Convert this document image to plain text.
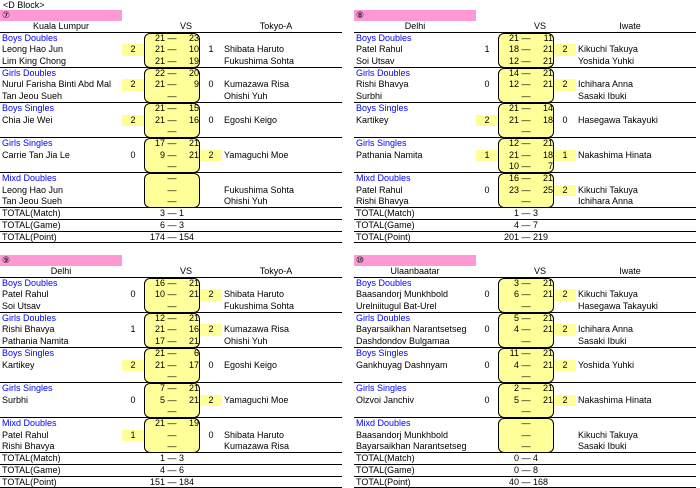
<D Block>
⑦
Kuala Lumpur	VS	Tokyo-A
Boys Doubles	21 —	23
Leong Hao Jun	2	21 —	10	1	Shibata Haruto
Lim King Chong	21 —	19	Fukushima Sohta
Girls Doubles	22 —	20
Nurul Farisha Binti Abd Mal	2	21 —	9	0	Kumazawa Risa
Tan Jeou Sueh	—	Ohishi Yuh
Boys Singles	21 —	15
Chia Jie Wei	2	21 —	16	0	Egoshi Keigo
—
Girls Singles	17 —	21
Carrie Tan Jia Le	0	9 —	21	2	Yamaguchi Moe
—
Mixd Doubles	—
Leong Hao Jun	—	Fukushima Sohta
Tan Jeou Sueh	—	Ohishi Yuh
TOTAL(Match)	3 — 1
TOTAL(Game)	6 — 3
TOTAL(Point)	174 — 154
⑧
Delhi	VS	Iwate
Boys Doubles	21 —	11
Patel Rahul	1	18 —	21	2	Kikuchi Takuya
Soi Utsav	12 —	21	Yoshida Yuhki
Girls Doubles	14 —	21
Rishi Bhavya	0	12 —	21	2	Ichihara Anna
Surbhi	—	Sasaki Ibuki
Boys Singles	21 —	14
Kartikey	2	21 —	18	0	Hasegawa Takayuki
—
Girls Singles	12 —	21
Pathania Namita	1	21 —	18	1	Nakashima Hinata
10 —	7
Mixd Doubles	16 —	21
Patel Rahul	0	23 —	25	2	Kikuchi Takuya
Rishi Bhavya	—	Ichihara Anna
TOTAL(Match)	1 — 3
TOTAL(Game)	4 — 7
TOTAL(Point)	201 — 219
⑨
Delhi	VS	Tokyo-A
Boys Doubles	16 —	21
Patel Rahul	0	10 —	21	2	Shibata Haruto
Soi Utsav	—	Fukushima Sohta
Girls Doubles	12 —	21
Rishi Bhavya	1	21 —	16	2	Kumazawa Risa
Pathania Namita	17 —	21	Ohishi Yuh
Boys Singles	21 —	6
Kartikey	2	21 —	17	0	Egoshi Keigo
—
Girls Singles	7 —	21
Surbhi	0	5 —	21	2	Yamaguchi Moe
—
Mixd Doubles	21 —	19
Patel Rahul	1	—	0	Shibata Haruto
Rishi Bhavya	—	Kumazawa Risa
TOTAL(Match)	1 — 3
TOTAL(Game)	4 — 6
TOTAL(Point)	151 — 184
⑩
Ulaanbaatar	VS	Iwate
Boys Doubles	3 —	21
Baasandorj Munkhbold	0	6 —	21	2	Kikuchi Takuya
Urelniitugul Bat-Urel	—	Hasegawa Takayuki
Girls Doubles	5 —	21
Bayarsaikhan Narantsetseg	0	4 —	21	2	Ichihara Anna
Dashdondov Bulgamaa	—	Sasaki Ibuki
Boys Singles	11 —	21
Gankhuyag Dashnyam	0	4 —	21	2	Yoshida Yuhki
—
Girls Singles	2 —	21
Olzvoi Janchiv	0	5 —	21	2	Nakashima Hinata
—
Mixd Doubles	—
Baasandorj Munkhbold	—	Kikuchi Takuya
Bayarsaikhan Narantsetseg	—	Sasaki Ibuki
TOTAL(Match)	0 — 4
TOTAL(Game)	0 — 8
TOTAL(Point)	40 — 168
